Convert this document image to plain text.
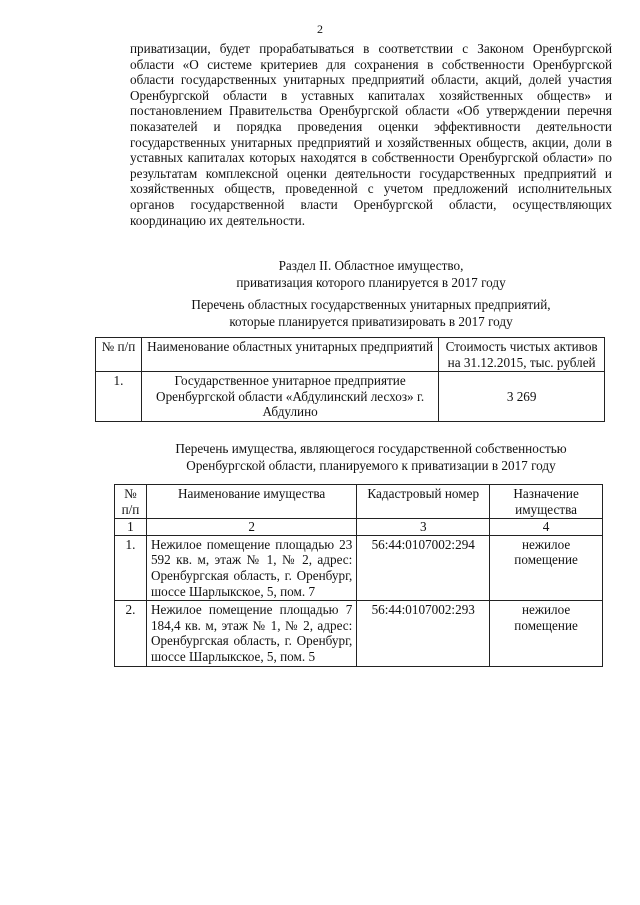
2
приватизации, будет прорабатываться в соответствии с Законом Оренбургской области «О системе критериев для сохранения в собственности Оренбургской области государственных унитарных предприятий области, акций, долей участия Оренбургской области в уставных капиталах хозяйственных обществ» и постановлением Правительства Оренбургской области «Об утверждении перечня показателей и порядка проведения оценки эффективности деятельности государственных унитарных предприятий и хозяйственных обществ, акции, доли в уставных капиталах которых находятся в собственности Оренбургской области» по результатам комплексной оценки деятельности государственных предприятий и хозяйственных обществ, проведенной с учетом предложений исполнительных органов государственной власти Оренбургской области, осуществляющих координацию их деятельности.
Раздел II. Областное имущество,
приватизация которого планируется в 2017 году
Перечень областных государственных унитарных предприятий,
которые планируется приватизировать в 2017 году
№ п/п	Наименование областных унитарных предприятий	Стоимость чистых активов на 31.12.2015, тыс. рублей
1.	Государственное унитарное предприятие Оренбургской области «Абдулинский лесхоз» г. Абдулино	3 269
Перечень имущества, являющегося государственной собственностью
Оренбургской области, планируемого к приватизации в 2017 году
№ п/п	Наименование имущества	Кадастровый номер	Назначение имущества
1	2	3	4
1.	Нежилое помещение площадью 23 592 кв. м, этаж № 1, № 2, адрес: Оренбургская область, г. Оренбург, шоссе Шарлыкское, 5, пом. 7	56:44:0107002:294	нежилое помещение
2.	Нежилое помещение площадью 7 184,4 кв. м, этаж № 1, № 2, адрес: Оренбургская область, г. Оренбург, шоссе Шарлыкское, 5, пом. 5	56:44:0107002:293	нежилое помещение
